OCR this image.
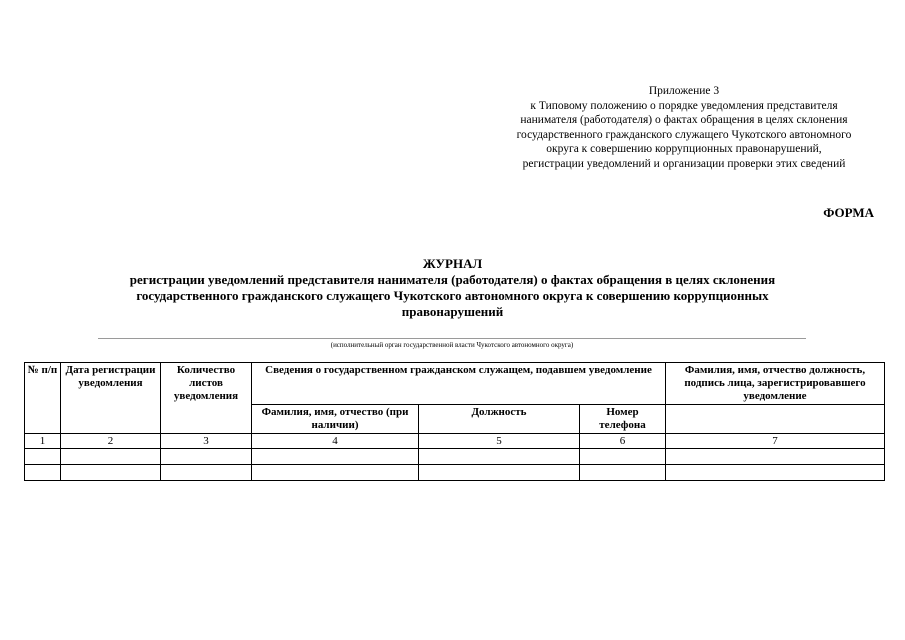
Приложение 3
к Типовому положению о порядке уведомления представителя
нанимателя (работодателя) о фактах обращения в целях склонения
государственного гражданского служащего Чукотского автономного
округа к совершению коррупционных правонарушений,
регистрации уведомлений и организации проверки этих сведений
ФОРМА
ЖУРНАЛ
регистрации уведомлений представителя нанимателя (работодателя) о фактах обращения в целях склонения
государственного гражданского служащего Чукотского автономного округа к совершению коррупционных
правонарушений
(исполнительный орган государственной власти Чукотского автономного округа)
№ п/п	Дата регистрации уведомления	Количество листов уведомления	Сведения о государственном гражданском служащем, подавшем уведомление			Фамилия, имя, отчество должность, подпись лица, зарегистрировавшего уведомление
			Фамилия, имя, отчество (при наличии)	Должность	Номер телефона	
1	2	3	4	5	6	7
